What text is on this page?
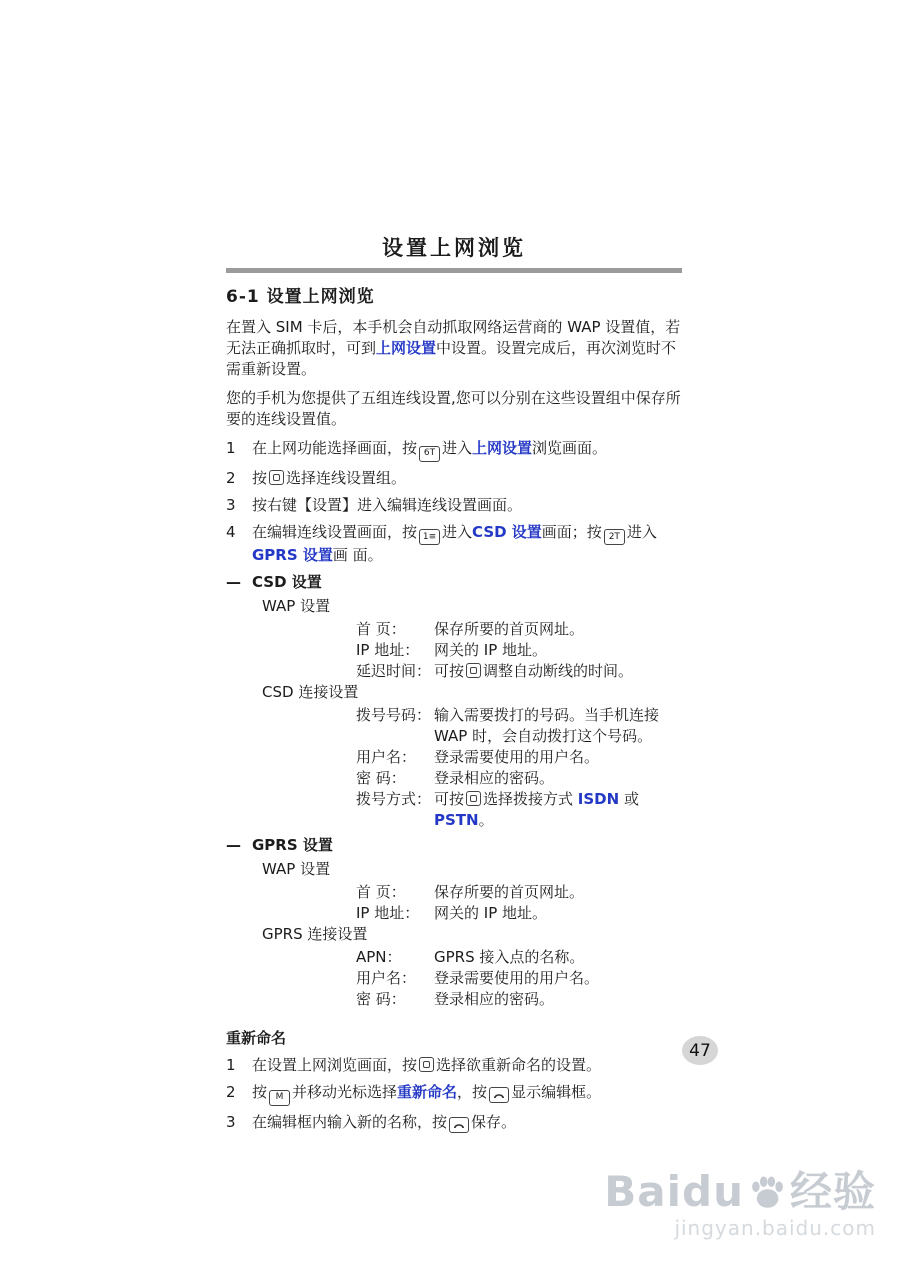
设置上网浏览
6-1 设置上网浏览
在置入 SIM 卡后，本手机会自动抓取网络运营商的 WAP 设置值，若无法正确抓取时，可到上网设置中设置。设置完成后，再次浏览时不需重新设置。
您的手机为您提供了五组连线设置,您可以分别在这些设置组中保存所要的连线设置值。
1	在上网功能选择画面，按 6T 进入上网设置浏览画面。
2	按 选择连线设置组。
3	按右键【设置】进入编辑连线设置画面。
4	在编辑连线设置画面，按 1≡ 进入CSD 设置画面；按 2T 进入GPRS 设置画 面。
— CSD 设置
WAP 设置
首 页：	保存所要的首页网址。
IP 地址： 网关的 IP 地址。
延迟时间： 可按 调整自动断线的时间。
CSD 连接设置
拨号号码： 输入需要拨打的号码。当手机连接 WAP 时，会自动拨打这个号码。
用户名：	登录需要使用的用户名。
密 码：	登录相应的密码。
拨号方式： 可按 选择拨接方式 ISDN 或 PSTN。
— GPRS 设置
WAP 设置
首 页：	保存所要的首页网址。
IP 地址： 网关的 IP 地址。
GPRS 连接设置
APN：	GPRS 接入点的名称。
用户名：	登录需要使用的用户名。
密 码：	登录相应的密码。
重新命名
1	在设置上网浏览画面，按 选择欲重新命名的设置。
2	按 M 并移动光标选择重新命名，按 显示编辑框。
3	在编辑框内输入新的名称，按 保存。
47
Baidu 经验
jingyan.baidu.com
